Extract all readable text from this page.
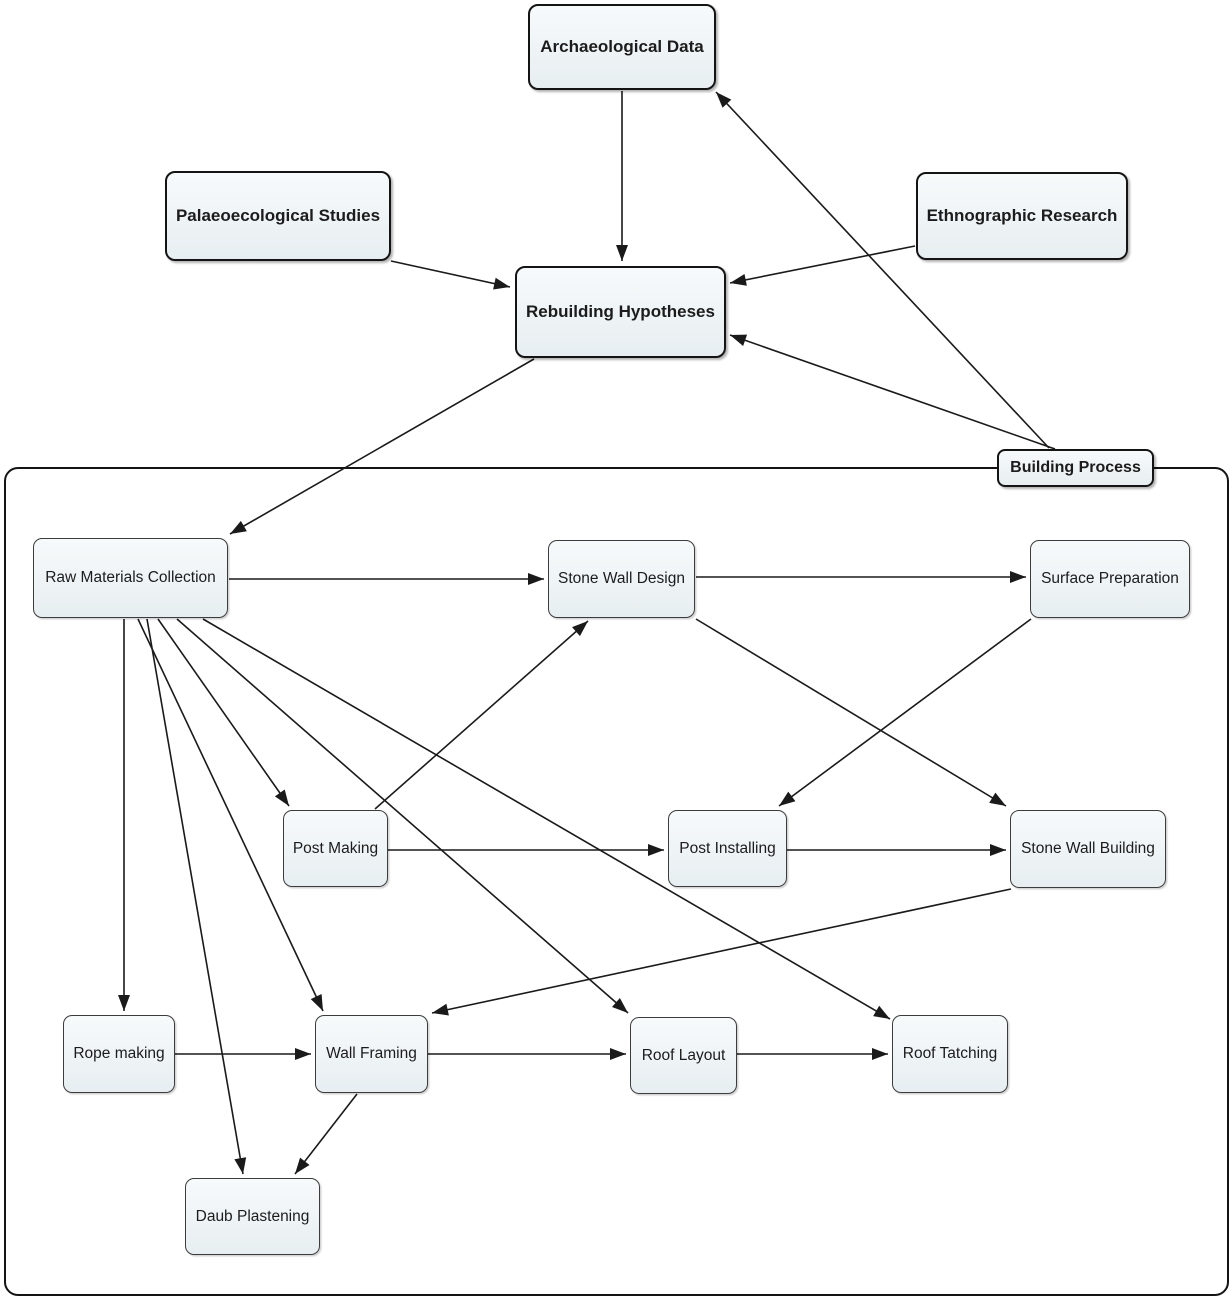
Archaeological Data
Palaeoecological Studies	Ethnographic Research
Rebuilding Hypotheses
Building Process
Raw Materials Collection	Stone Wall Design	Surface Preparation
Post Making	Post Installing	Stone Wall Building
Rope making	Wall Framing	Roof Layout	Roof Tatching
Daub Plastening
